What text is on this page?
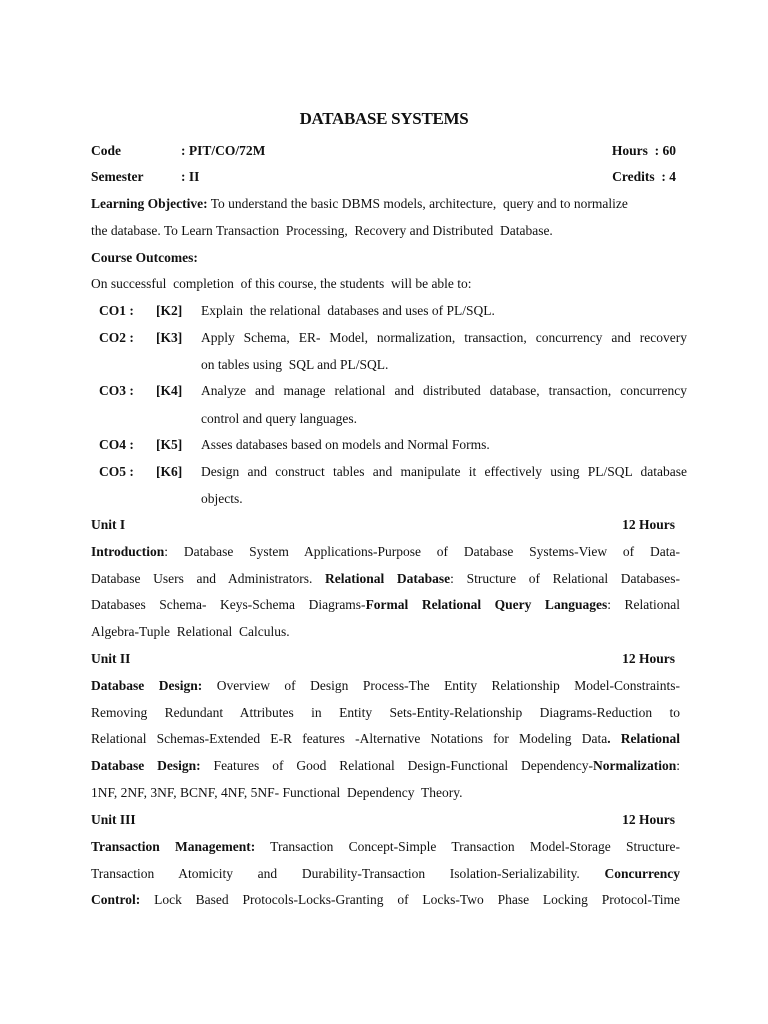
DATABASE SYSTEMS
Code	: PIT/CO/72M	Hours  : 60
Semester	: II	Credits  : 4
Learning Objective: To understand the basic DBMS models, architecture,  query and to normalize
the database. To Learn Transaction  Processing,  Recovery and Distributed  Database.
Course Outcomes:
On successful  completion  of this course, the students  will be able to:
CO1 : [K2] Explain  the relational  databases and uses of PL/SQL.
CO2 : [K3] Apply Schema, ER- Model, normalization, transaction, concurrency and recovery
on tables using  SQL and PL/SQL.
CO3 : [K4] Analyze and manage relational and distributed database, transaction, concurrency
control and query languages.
CO4 : [K5] Asses databases based on models and Normal Forms.
CO5 : [K6] Design and construct tables and manipulate it effectively using PL/SQL database
objects.
Unit I	12 Hours
Introduction: Database System Applications-Purpose of Database Systems-View of Data-
Database Users and Administrators. Relational Database: Structure of Relational Databases-
Databases Schema- Keys-Schema Diagrams-Formal Relational Query Languages: Relational
Algebra-Tuple  Relational  Calculus.
Unit II	12 Hours
Database Design: Overview of Design Process-The Entity Relationship Model-Constraints-
Removing Redundant Attributes in Entity Sets-Entity-Relationship Diagrams-Reduction to
Relational Schemas-Extended E-R features -Alternative Notations for Modeling Data. Relational
Database Design: Features of Good Relational Design-Functional Dependency-Normalization:
1NF, 2NF, 3NF, BCNF, 4NF, 5NF- Functional  Dependency  Theory.
Unit III	12 Hours
Transaction Management: Transaction Concept-Simple Transaction Model-Storage Structure-
Transaction Atomicity and Durability-Transaction Isolation-Serializability. Concurrency
Control: Lock Based Protocols-Locks-Granting of Locks-Two Phase Locking Protocol-Time
